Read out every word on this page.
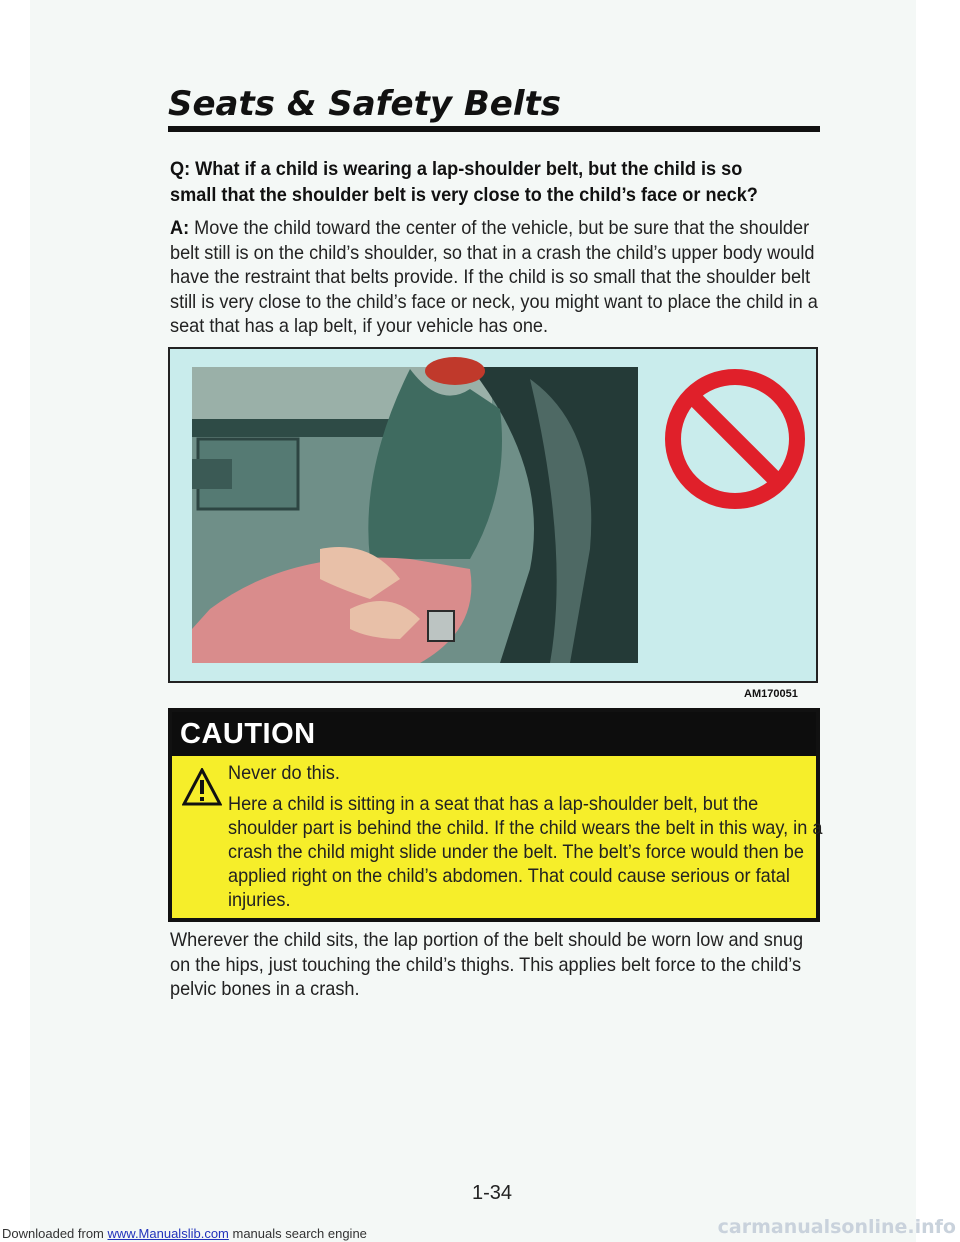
Seats & Safety Belts

Q: What if a child is wearing a lap-shoulder belt, but the child is so small that the shoulder belt is very close to the child’s face or neck?

A: Move the child toward the center of the vehicle, but be sure that the shoulder belt still is on the child’s shoulder, so that in a crash the child’s upper body would have the restraint that belts provide. If the child is so small that the shoulder belt still is very close to the child’s face or neck, you might want to place the child in a seat that has a lap belt, if your vehicle has one.

AM170051
CAUTION
Never do this.

Here a child is sitting in a seat that has a lap-shoulder belt, but the shoulder part is behind the child. If the child wears the belt in this way, in a crash the child might slide under the belt. The belt’s force would then be applied right on the child’s abdomen. That could cause serious or fatal injuries.

Wherever the child sits, the lap portion of the belt should be worn low and snug on the hips, just touching the child’s thighs. This applies belt force to the child’s pelvic bones in a crash.

1-34
Downloaded from www.Manualslib.com manuals search engine	carmanualsonline.info
